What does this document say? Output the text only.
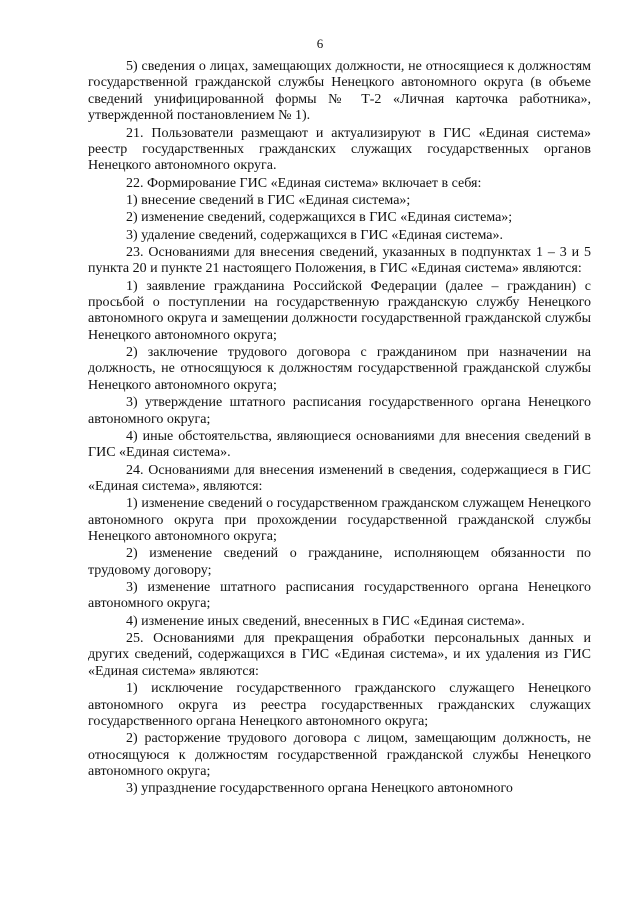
6

5) сведения о лицах, замещающих должности, не относящиеся к должностям государственной гражданской службы Ненецкого автономного округа (в объеме сведений унифицированной формы № Т-2 «Личная карточка работника», утвержденной постановлением № 1).

21. Пользователи размещают и актуализируют в ГИС «Единая система» реестр государственных гражданских служащих государственных органов Ненецкого автономного округа.

22. Формирование ГИС «Единая система» включает в себя:

1) внесение сведений в ГИС «Единая система»;

2) изменение сведений, содержащихся в ГИС «Единая система»;

3) удаление сведений, содержащихся в ГИС «Единая система».

23. Основаниями для внесения сведений, указанных в подпунктах 1 – 3 и 5 пункта 20 и пункте 21 настоящего Положения, в ГИС «Единая система» являются:

1) заявление гражданина Российской Федерации (далее – гражданин) с просьбой о поступлении на государственную гражданскую службу Ненецкого автономного округа и замещении должности государственной гражданской службы Ненецкого автономного округа;

2) заключение трудового договора с гражданином при назначении на должность, не относящуюся к должностям государственной гражданской службы Ненецкого автономного округа;

3) утверждение штатного расписания государственного органа Ненецкого автономного округа;

4) иные обстоятельства, являющиеся основаниями для внесения сведений в ГИС «Единая система».

24. Основаниями для внесения изменений в сведения, содержащиеся в ГИС «Единая система», являются:

1) изменение сведений о государственном гражданском служащем Ненецкого автономного округа при прохождении государственной гражданской службы Ненецкого автономного округа;

2) изменение сведений о гражданине, исполняющем обязанности по трудовому договору;

3) изменение штатного расписания государственного органа Ненецкого автономного округа;

4) изменение иных сведений, внесенных в ГИС «Единая система».

25. Основаниями для прекращения обработки персональных данных и других сведений, содержащихся в ГИС «Единая система», и их удаления из ГИС «Единая система» являются:

1) исключение государственного гражданского служащего Ненецкого автономного округа из реестра государственных гражданских служащих государственного органа Ненецкого автономного округа;

2) расторжение трудового договора с лицом, замещающим должность, не относящуюся к должностям государственной гражданской службы Ненецкого автономного округа;

3) упразднение государственного органа Ненецкого автономного
